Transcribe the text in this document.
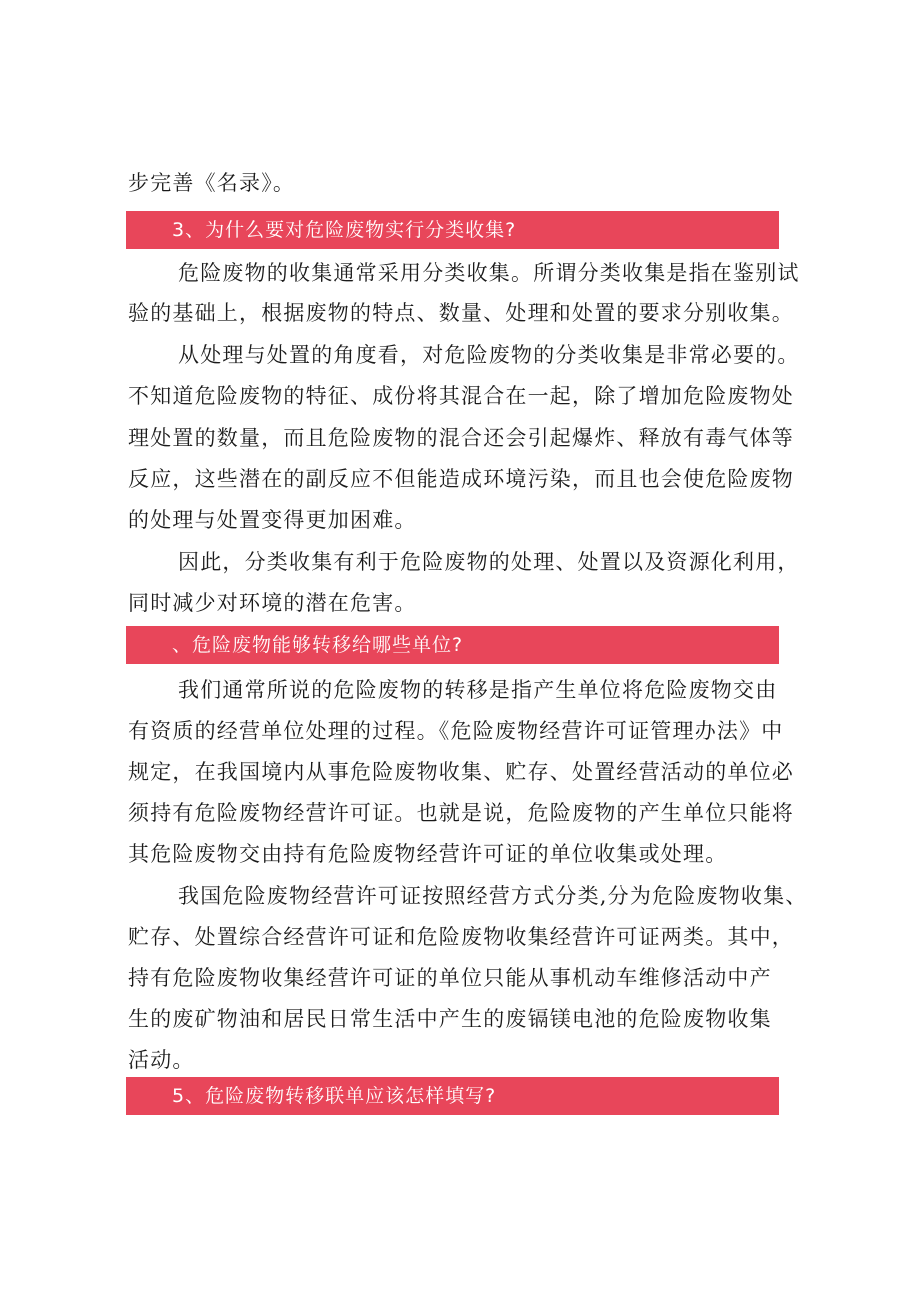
步完善《名录》。
3、为什么要对危险废物实行分类收集?
危险废物的收集通常采用分类收集。所谓分类收集是指在鉴别试
验的基础上，根据废物的特点、数量、处理和处置的要求分别收集。
从处理与处置的角度看，对危险废物的分类收集是非常必要的。
不知道危险废物的特征、成份将其混合在一起，除了增加危险废物处
理处置的数量，而且危险废物的混合还会引起爆炸、释放有毒气体等
反应，这些潜在的副反应不但能造成环境污染，而且也会使危险废物
的处理与处置变得更加困难。
因此，分类收集有利于危险废物的处理、处置以及资源化利用，
同时减少对环境的潜在危害。
、危险废物能够转移给哪些单位?
我们通常所说的危险废物的转移是指产生单位将危险废物交由
有资质的经营单位处理的过程。《危险废物经营许可证管理办法》中
规定，在我国境内从事危险废物收集、贮存、处置经营活动的单位必
须持有危险废物经营许可证。也就是说，危险废物的产生单位只能将
其危险废物交由持有危险废物经营许可证的单位收集或处理。
我国危险废物经营许可证按照经营方式分类,分为危险废物收集、
贮存、处置综合经营许可证和危险废物收集经营许可证两类。其中，
持有危险废物收集经营许可证的单位只能从事机动车维修活动中产
生的废矿物油和居民日常生活中产生的废镉镁电池的危险废物收集
活动。
5、危险废物转移联单应该怎样填写?
